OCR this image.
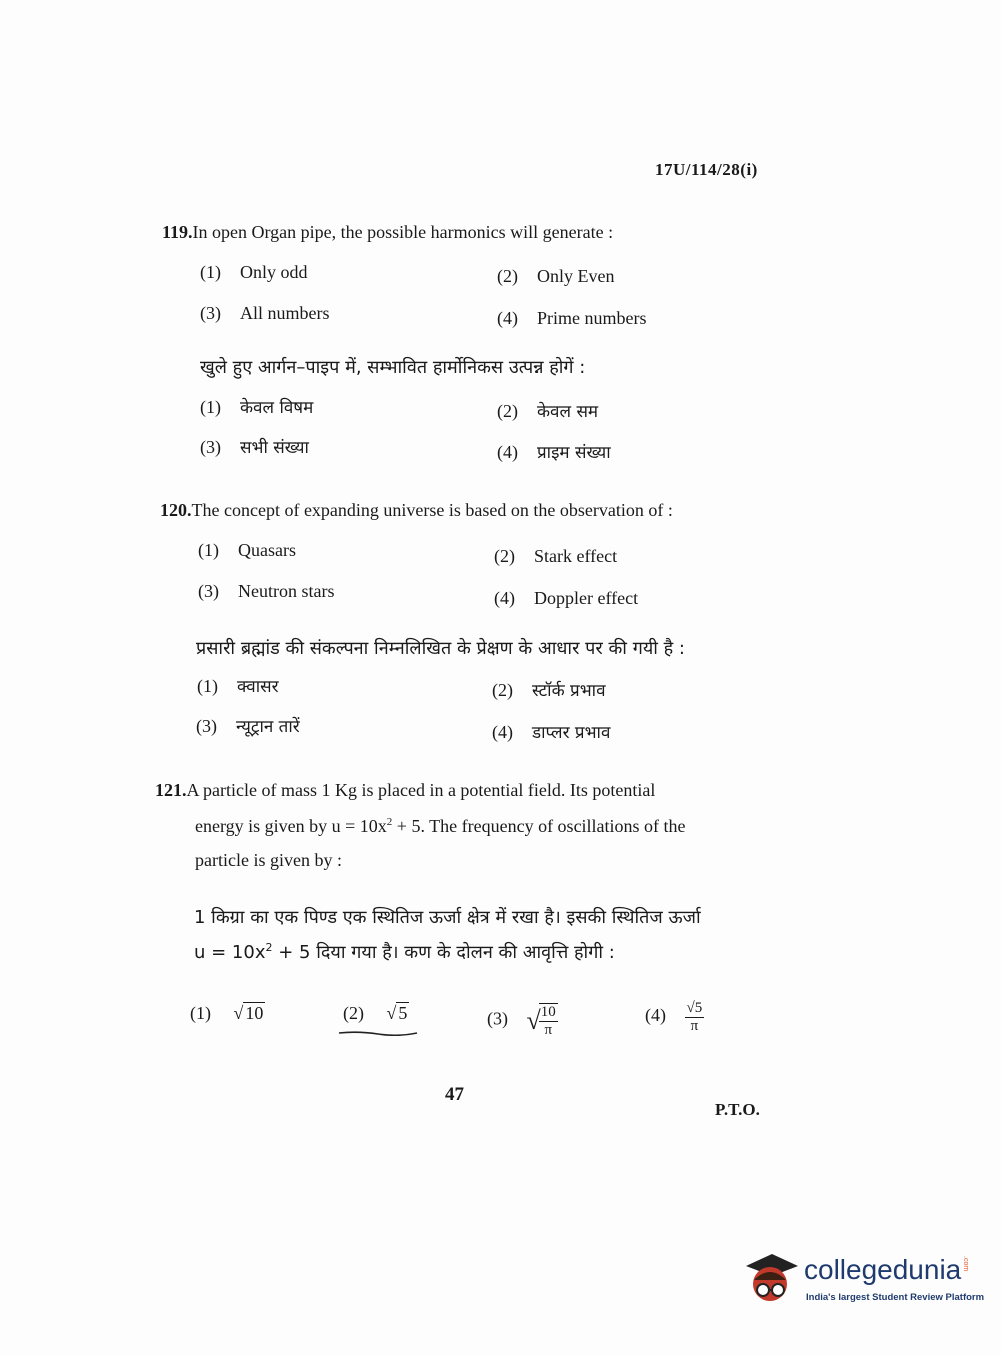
17U/114/28(i)
119.In open Organ pipe, the possible harmonics will generate :
(1) Only odd	(2) Only Even
(3) All numbers	(4) Prime numbers
खुले हुए आर्गन–पाइप में, सम्भावित हार्मोनिकस उत्पन्न होगें :
(1) केवल विषम	(2) केवल सम
(3) सभी संख्या	(4) प्राइम संख्या
120.The concept of expanding universe is based on the observation of :
(1) Quasars	(2) Stark effect
(3) Neutron stars	(4) Doppler effect
प्रसारी ब्रह्मांड की संकल्पना निम्नलिखित के प्रेक्षण के आधार पर की गयी है :
(1) क्वासर	(2) स्टॉर्क प्रभाव
(3) न्यूट्रान तारें	(4) डाप्लर प्रभाव
121.A particle of mass 1 Kg is placed in a potential field. Its potential
energy is given by $u = 10x^2 + 5$. The frequency of oscillations of the
particle is given by :
1 किग्रा का एक पिण्ड एक स्थितिज ऊर्जा क्षेत्र में रखा है। इसकी स्थितिज ऊर्जा
$u = 10x^2 + 5$ दिया गया है। कण के दोलन की आवृत्ति होगी :
(1) √ 10	(2) √ 5	(3) √
$\frac{10}{\pi}$	$(4) \frac{√5}{\pi}$
47
P.T.O.
collegedunia .com
India's largest Student Review Platform
